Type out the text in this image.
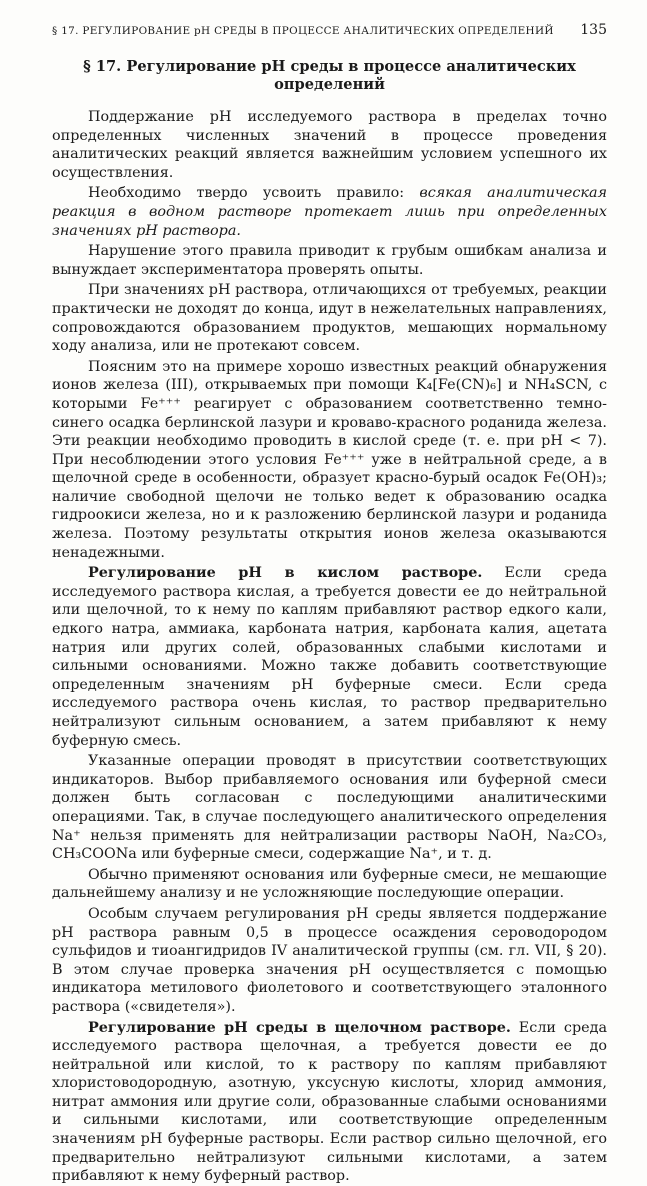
§ 17. РЕГУЛИРОВАНИЕ рН СРЕДЫ В ПРОЦЕССЕ АНАЛИТИЧЕСКИХ ОПРЕДЕЛЕНИЙ 135
§ 17. Регулирование рН среды в процессе аналитических определений

Поддержание pH исследуемого раствора в пределах точно определенных численных значений в процессе проведения аналитических реакций является важнейшим условием успешного их осуществления.

Необходимо твердо усвоить правило: всякая аналитическая реакция в водном растворе протекает лишь при определенных значениях pH раствора.

Нарушение этого правила приводит к грубым ошибкам анализа и вынуждает экспериментатора проверять опыты.

При значениях pH раствора, отличающихся от требуемых, реакции практически не доходят до конца, идут в нежелательных направлениях, сопровождаются образованием продуктов, мешающих нормальному ходу анализа, или не протекают совсем.

Поясним это на примере хорошо известных реакций обнаружения ионов железа (III), открываемых при помощи K₄[Fe(CN)₆] и NH₄SCN, с которыми Fe⁺⁺⁺ реагирует с образованием соответственно темно-синего осадка берлинской лазури и кроваво-красного роданида железа. Эти реакции необходимо проводить в кислой среде (т. е. при pH < 7). При несоблюдении этого условия Fe⁺⁺⁺ уже в нейтральной среде, а в щелочной среде в особенности, образует красно-бурый осадок Fe(OH)₃; наличие свободной щелочи не только ведет к образованию осадка гидроокиси железа, но и к разложению берлинской лазури и роданида железа. Поэтому результаты открытия ионов железа оказываются ненадежными.

Регулирование pH в кислом растворе. Если среда исследуемого раствора кислая, а требуется довести ее до нейтральной или щелочной, то к нему по каплям прибавляют раствор едкого кали, едкого натра, аммиака, карбоната натрия, карбоната калия, ацетата натрия или других солей, образованных слабыми кислотами и сильными основаниями. Можно также добавить соответствующие определенным значениям pH буферные смеси. Если среда исследуемого раствора очень кислая, то раствор предварительно нейтрализуют сильным основанием, а затем прибавляют к нему буферную смесь.

Указанные операции проводят в присутствии соответствующих индикаторов. Выбор прибавляемого основания или буферной смеси должен быть согласован с последующими аналитическими операциями. Так, в случае последующего аналитического определения Na⁺ нельзя применять для нейтрализации растворы NaOH, Na₂CO₃, CH₃COONa или буферные смеси, содержащие Na⁺, и т. д.

Обычно применяют основания или буферные смеси, не мешающие дальнейшему анализу и не усложняющие последующие операции.

Особым случаем регулирования pH среды является поддержание pH раствора равным 0,5 в процессе осаждения сероводородом сульфидов и тиоангидридов IV аналитической группы (см. гл. VII, § 20). В этом случае проверка значения pH осуществляется с помощью индикатора метилового фиолетового и соответствующего эталонного раствора («свидетеля»).

Регулирование pH среды в щелочном растворе. Если среда исследуемого раствора щелочная, а требуется довести ее до нейтральной или кислой, то к раствору по каплям прибавляют хлористоводородную, азотную, уксусную кислоты, хлорид аммония, нитрат аммония или другие соли, образованные слабыми основаниями и сильными кислотами, или соответствующие определенным значениям pH буферные растворы. Если раствор сильно щелочной, его предварительно нейтрализуют сильными кислотами, а затем прибавляют к нему буферный раствор.
